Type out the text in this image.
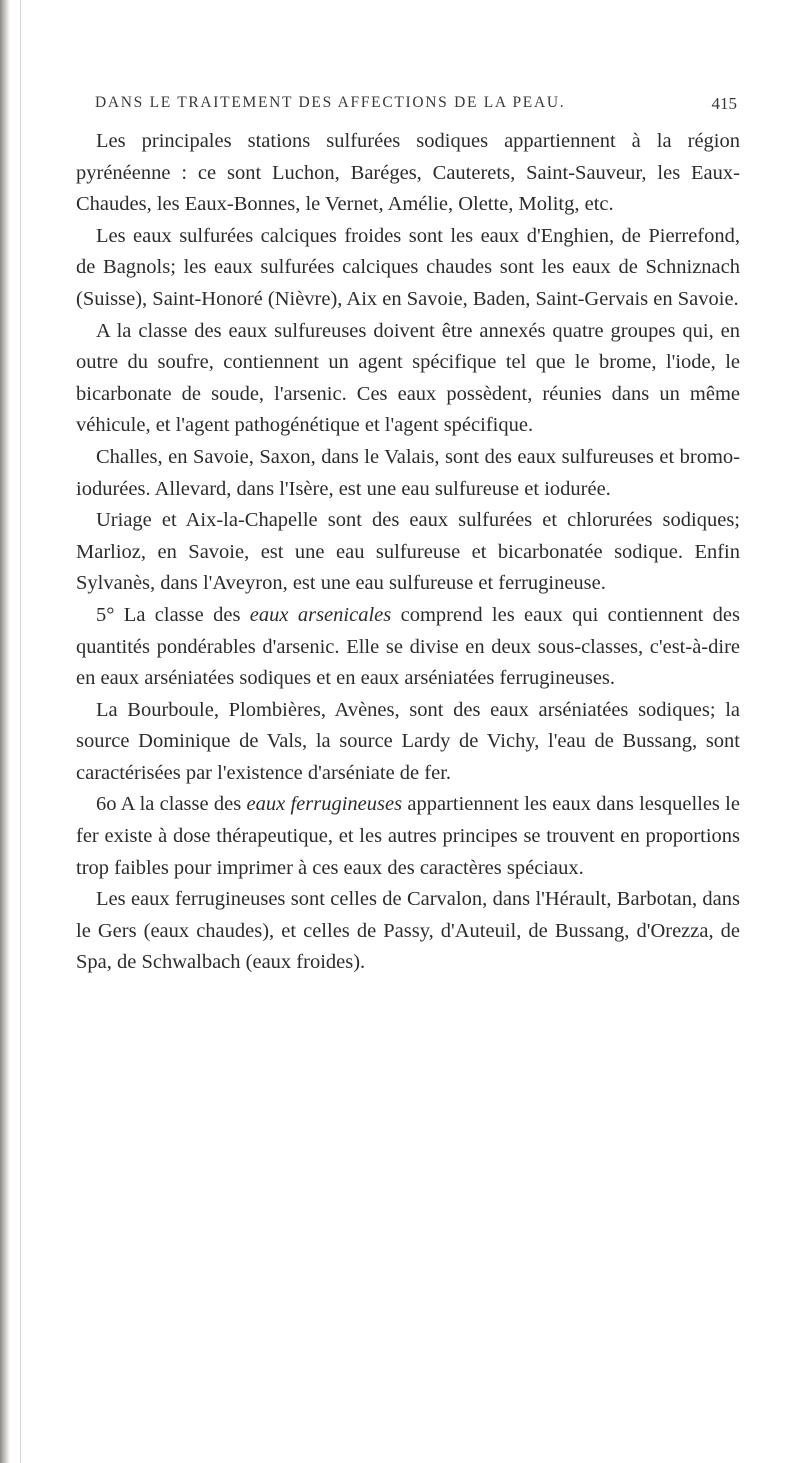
DANS LE TRAITEMENT DES AFFECTIONS DE LA PEAU.	415

Les principales stations sulfurées sodiques appartiennent à la région pyrénéenne : ce sont Luchon, Baréges, Cauterets, Saint-Sauveur, les Eaux-Chaudes, les Eaux-Bonnes, le Vernet, Amélie, Olette, Molitg, etc.

Les eaux sulfurées calciques froides sont les eaux d'Enghien, de Pierrefond, de Bagnols; les eaux sulfurées calciques chaudes sont les eaux de Schniznach (Suisse), Saint-Honoré (Nièvre), Aix en Savoie, Baden, Saint-Gervais en Savoie.

A la classe des eaux sulfureuses doivent être annexés quatre groupes qui, en outre du soufre, contiennent un agent spécifique tel que le brome, l'iode, le bicarbonate de soude, l'arsenic. Ces eaux possèdent, réunies dans un même véhicule, et l'agent pathogénétique et l'agent spécifique.

Challes, en Savoie, Saxon, dans le Valais, sont des eaux sulfureuses et bromo-iodurées. Allevard, dans l'Isère, est une eau sulfureuse et iodurée.

Uriage et Aix-la-Chapelle sont des eaux sulfurées et chlorurées sodiques; Marlioz, en Savoie, est une eau sulfureuse et bicarbonatée sodique. Enfin Sylvanès, dans l'Aveyron, est une eau sulfureuse et ferrugineuse.

5° La classe des eaux arsenicales comprend les eaux qui contiennent des quantités pondérables d'arsenic. Elle se divise en deux sous-classes, c'est-à-dire en eaux arséniatées sodiques et en eaux arséniatées ferrugineuses.

La Bourboule, Plombières, Avènes, sont des eaux arséniatées sodiques; la source Dominique de Vals, la source Lardy de Vichy, l'eau de Bussang, sont caractérisées par l'existence d'arséniate de fer.

6o A la classe des eaux ferrugineuses appartiennent les eaux dans lesquelles le fer existe à dose thérapeutique, et les autres principes se trouvent en proportions trop faibles pour imprimer à ces eaux des caractères spéciaux.

Les eaux ferrugineuses sont celles de Carvalon, dans l'Hérault, Barbotan, dans le Gers (eaux chaudes), et celles de Passy, d'Auteuil, de Bussang, d'Orezza, de Spa, de Schwalbach (eaux froides).
